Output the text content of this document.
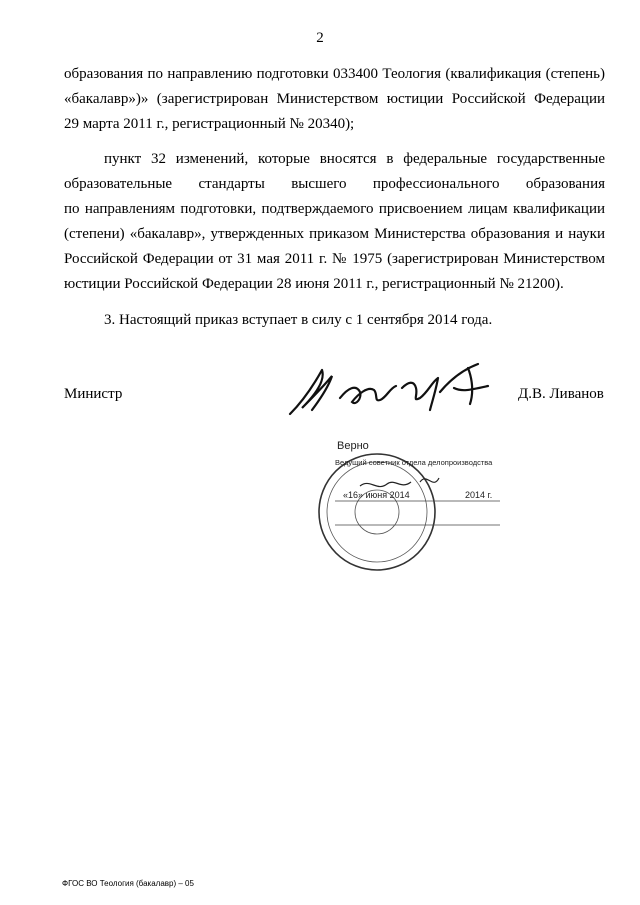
2
образования по направлению подготовки 033400 Теология (квалификация (степень)
«бакалавр»)» (зарегистрирован Министерством юстиции Российской Федерации
29 марта 2011 г., регистрационный № 20340);
пункт 32 изменений, которые вносятся в федеральные государственные
образовательные стандарты высшего профессионального образования
по направлениям подготовки, подтверждаемого присвоением лицам квалификации
(степени) «бакалавр», утвержденных приказом Министерства образования и науки
Российской Федерации от 31 мая 2011 г. № 1975 (зарегистрирован Министерством
юстиции Российской Федерации 28 июня 2011 г., регистрационный № 21200).
3. Настоящий приказ вступает в силу с 1 сентября 2014 года.
Министр	Д.В. Ливанов
Верно
Ведущий советник отдела делопроизводства
«16» июня 2014	2014 г.
ФГОС ВО Теология (бакалавр) – 05
